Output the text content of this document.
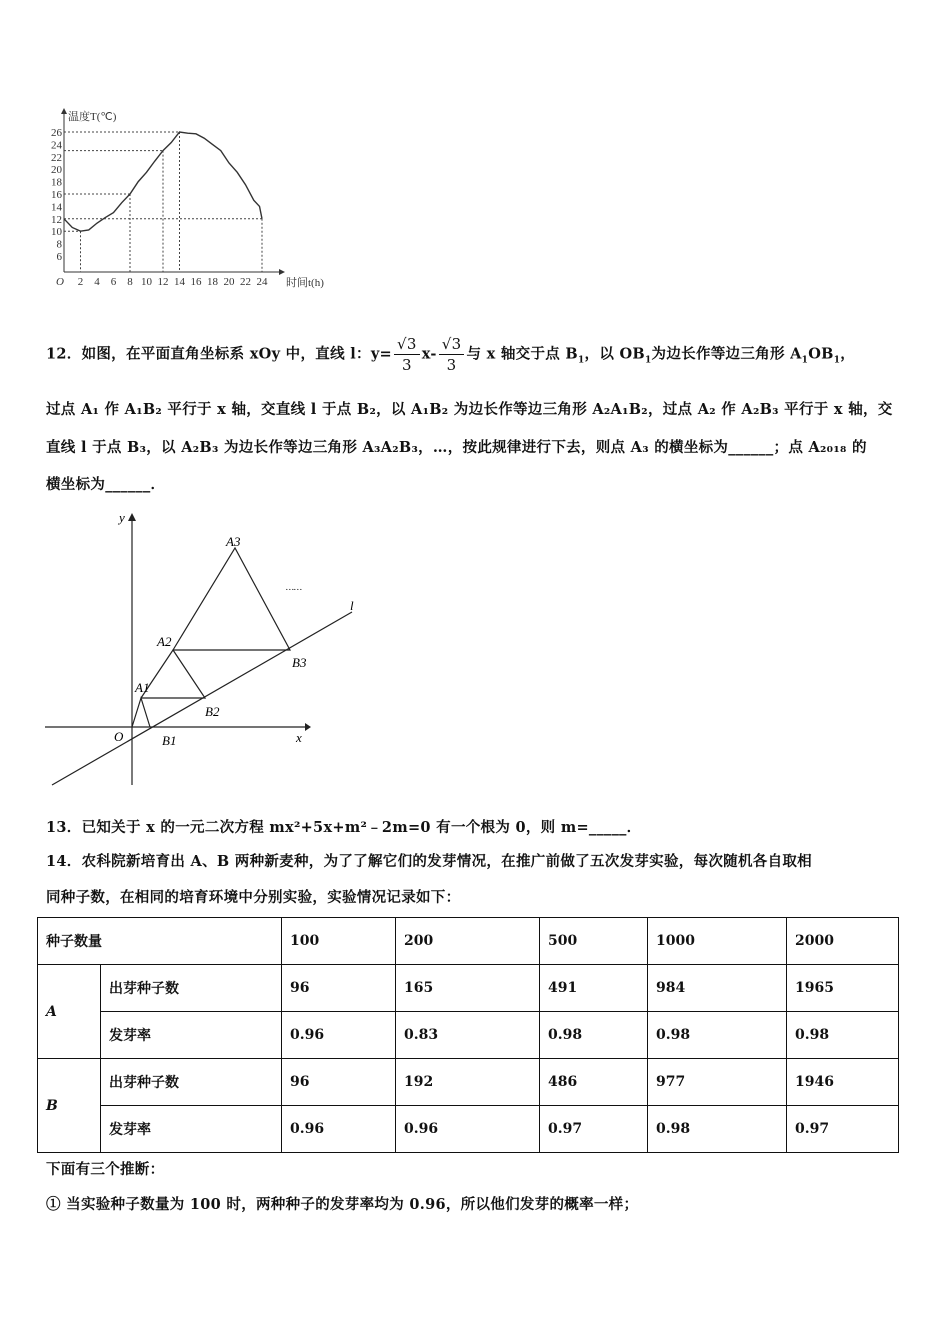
6
8
10
12
14
16
18
20
22
24
26
2 4 6 8 10 12 14 16 18 20 22 24
O
温度T(℃)
时间t(h)
12．如图，在平面直角坐标系 xOy 中，直线 l：$y= \frac{√3}{3} x- \frac{√3}{3}$ 与 x 轴交于点 $B_1$，以 $OB_1$为边长作等边三角形 $A_1OB_1$，
过点 A₁ 作 A₁B₂ 平行于 x 轴，交直线 l 于点 B₂，以 A₁B₂ 为边长作等边三角形 A₂A₁B₂，过点 A₂ 作 A₂B₃ 平行于 x 轴，交
直线 l 于点 B₃，以 A₂B₃ 为边长作等边三角形 A₃A₂B₃，…，按此规律进行下去，则点 A₃ 的横坐标为______；点 A₂₀₁₈ 的
横坐标为______．
y
x
O
l
A1
A2
A3
B1
B2
B3
……
13．已知关于 x 的一元二次方程 mx²+5x+m²﹣2m=0 有一个根为 0，则 m=_____．
14．农科院新培育出 A、B 两种新麦种，为了了解它们的发芽情况，在推广前做了五次发芽实验，每次随机各自取相
同种子数，在相同的培育环境中分别实验，实验情况记录如下：
种子数量		100	200	500	1000	2000
A	出芽种子数	96	165	491	984	1965
	发芽率	0.96	0.83	0.98	0.98	0.98
B	出芽种子数	96	192	486	977	1946
	发芽率	0.96	0.96	0.97	0.98	0.97
下面有三个推断：
① 当实验种子数量为 100 时，两种种子的发芽率均为 0.96，所以他们发芽的概率一样；
